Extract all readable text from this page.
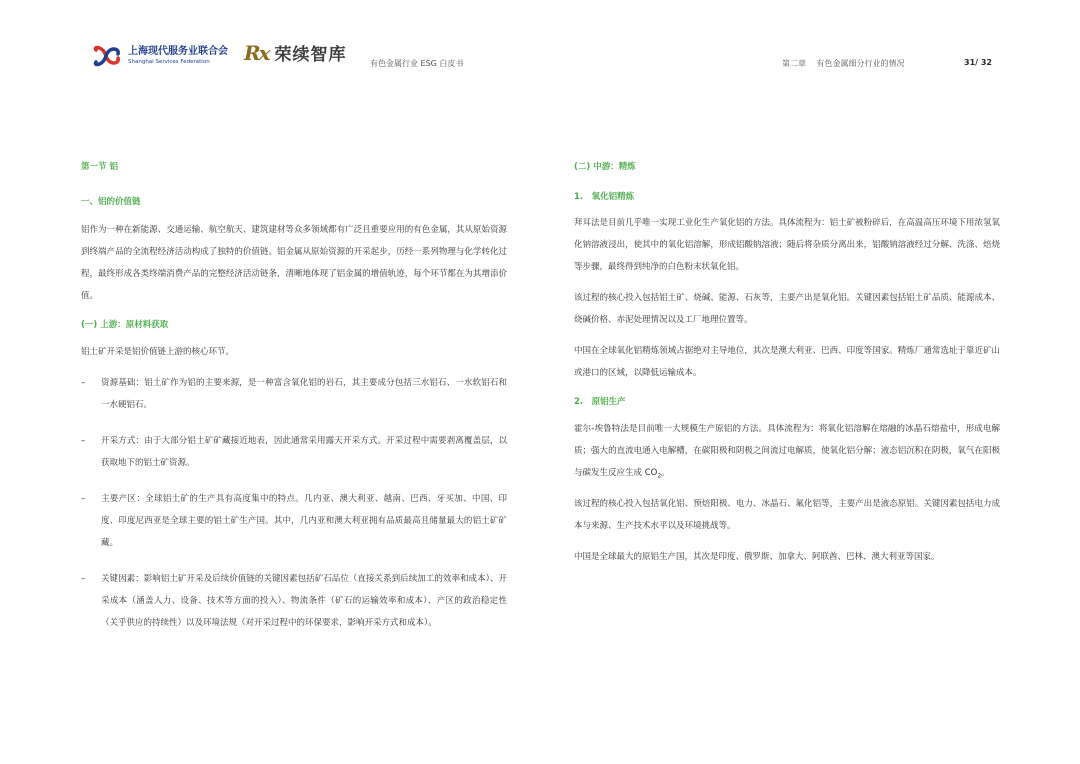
上海现代服务业联合会
Shanghai Services Federation	Rx 荣续智库	有色金属行业 ESG 白皮书	第二章　 有色金属细分行业的情况	31/ 32
第一节 铝
一、铝的价值链

铝作为一种在新能源、交通运输、航空航天、建筑建材等众多领域都有广泛且重要应用的有色金属，其从原始资源到终端产品的全流程经济活动构成了独特的价值链。铝金属从原始资源的开采起步，历经一系列物理与化学转化过程，最终形成各类终端消费产品的完整经济活动链条，清晰地体现了铝金属的增值轨迹，每个环节都在为其增添价值。

(一) 上游：原材料获取

铝土矿开采是铝价值链上游的核心环节。

– 资源基础：铝土矿作为铝的主要来源，是一种富含氧化铝的岩石，其主要成分包括三水铝石、一水软铝石和一水硬铝石。
– 开采方式：由于大部分铝土矿矿藏接近地表，因此通常采用露天开采方式。开采过程中需要剥离覆盖层，以获取地下的铝土矿资源。
– 主要产区：全球铝土矿的生产具有高度集中的特点。几内亚、澳大利亚、越南、巴西、牙买加、中国、印度、印度尼西亚是全球主要的铝土矿生产国。其中，几内亚和澳大利亚拥有品质最高且储量最大的铝土矿矿藏。
– 关键因素：影响铝土矿开采及后续价值链的关键因素包括矿石品位（直接关系到后续加工的效率和成本）、开采成本（涵盖人力、设备、技术等方面的投入）、物流条件（矿石的运输效率和成本）、产区的政治稳定性（关乎供应的持续性）以及环境法规（对开采过程中的环保要求，影响开采方式和成本）。
(二) 中游：精炼
1.　氧化铝精炼

拜耳法是目前几乎唯一实现工业化生产氧化铝的方法。具体流程为：铝土矿被粉碎后，在高温高压环境下用浓氢氧化钠溶液浸出，使其中的氧化铝溶解，形成铝酸钠溶液；随后将杂质分离出来，铝酸钠溶液经过分解、洗涤、焙烧等步骤，最终得到纯净的白色粉末状氧化铝。

该过程的核心投入包括铝土矿、烧碱、能源、石灰等，主要产出是氧化铝。关键因素包括铝土矿品质、能源成本、烧碱价格、赤泥处理情况以及工厂地理位置等。

中国在全球氧化铝精炼领域占据绝对主导地位，其次是澳大利亚、巴西、印度等国家。精炼厂通常选址于靠近矿山或港口的区域，以降低运输成本。

2.　原铝生产

霍尔-埃鲁特法是目前唯一大规模生产原铝的方法。具体流程为：将氧化铝溶解在熔融的冰晶石熔盐中，形成电解质；强大的直流电通入电解槽，在碳阳极和阴极之间流过电解质，使氧化铝分解；液态铝沉积在阴极，氧气在阳极与碳发生反应生成 $CO_2$。

该过程的核心投入包括氧化铝、预焙阳极、电力、冰晶石、氟化铝等，主要产出是液态原铝。关键因素包括电力成本与来源、生产技术水平以及环境挑战等。

中国是全球最大的原铝生产国，其次是印度、俄罗斯、加拿大、阿联酋、巴林、澳大利亚等国家。
